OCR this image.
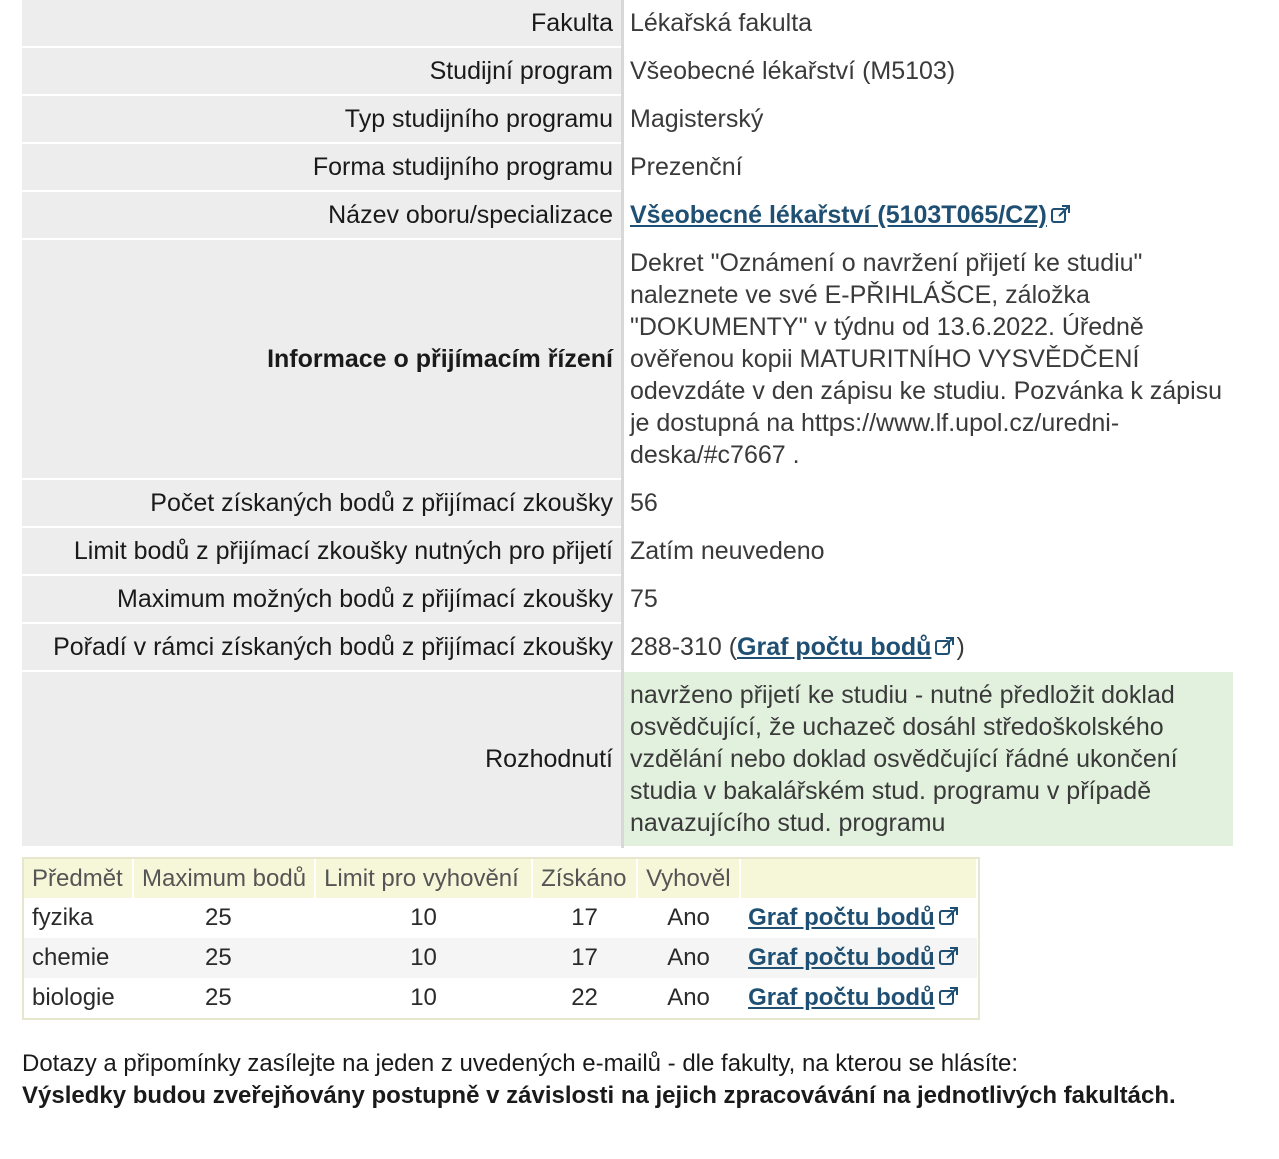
Fakulta	Lékařská fakulta
Studijní program	Všeobecné lékařství (M5103)
Typ studijního programu	Magisterský
Forma studijního programu	Prezenční
Název oboru/specializace	Všeobecné lékařství (5103T065/CZ)
Informace o přijímacím řízení	Dekret "Oznámení o navržení přijetí ke studiu" naleznete ve své E-PŘIHLÁŠCE, záložka "DOKUMENTY" v týdnu od 13.6.2022. Úředně ověřenou kopii MATURITNÍHO VYSVĚDČENÍ odevzdáte v den zápisu ke studiu. Pozvánka k zápisu je dostupná na https://www.lf.upol.cz/uredni-deska/#c7667 .
Počet získaných bodů z přijímací zkoušky	56
Limit bodů z přijímací zkoušky nutných pro přijetí	Zatím neuvedeno
Maximum možných bodů z přijímací zkoušky	75
Pořadí v rámci získaných bodů z přijímací zkoušky	288-310 (Graf počtu bodů )
Rozhodnutí	navrženo přijetí ke studiu - nutné předložit doklad osvědčující, že uchazeč dosáhl středoškolského vzdělání nebo doklad osvědčující řádné ukončení studia v bakalářském stud. programu v případě navazujícího stud. programu
Předmět	Maximum bodů	Limit pro vyhovění	Získáno	Vyhověl	
fyzika	25	10	17	Ano	Graf počtu bodů
chemie	25	10	17	Ano	Graf počtu bodů
biologie	25	10	22	Ano	Graf počtu bodů
Dotazy a připomínky zasílejte na jeden z uvedených e-mailů - dle fakulty, na kterou se hlásíte:
Výsledky budou zveřejňovány postupně v závislosti na jejich zpracovávání na jednotlivých fakultách.
